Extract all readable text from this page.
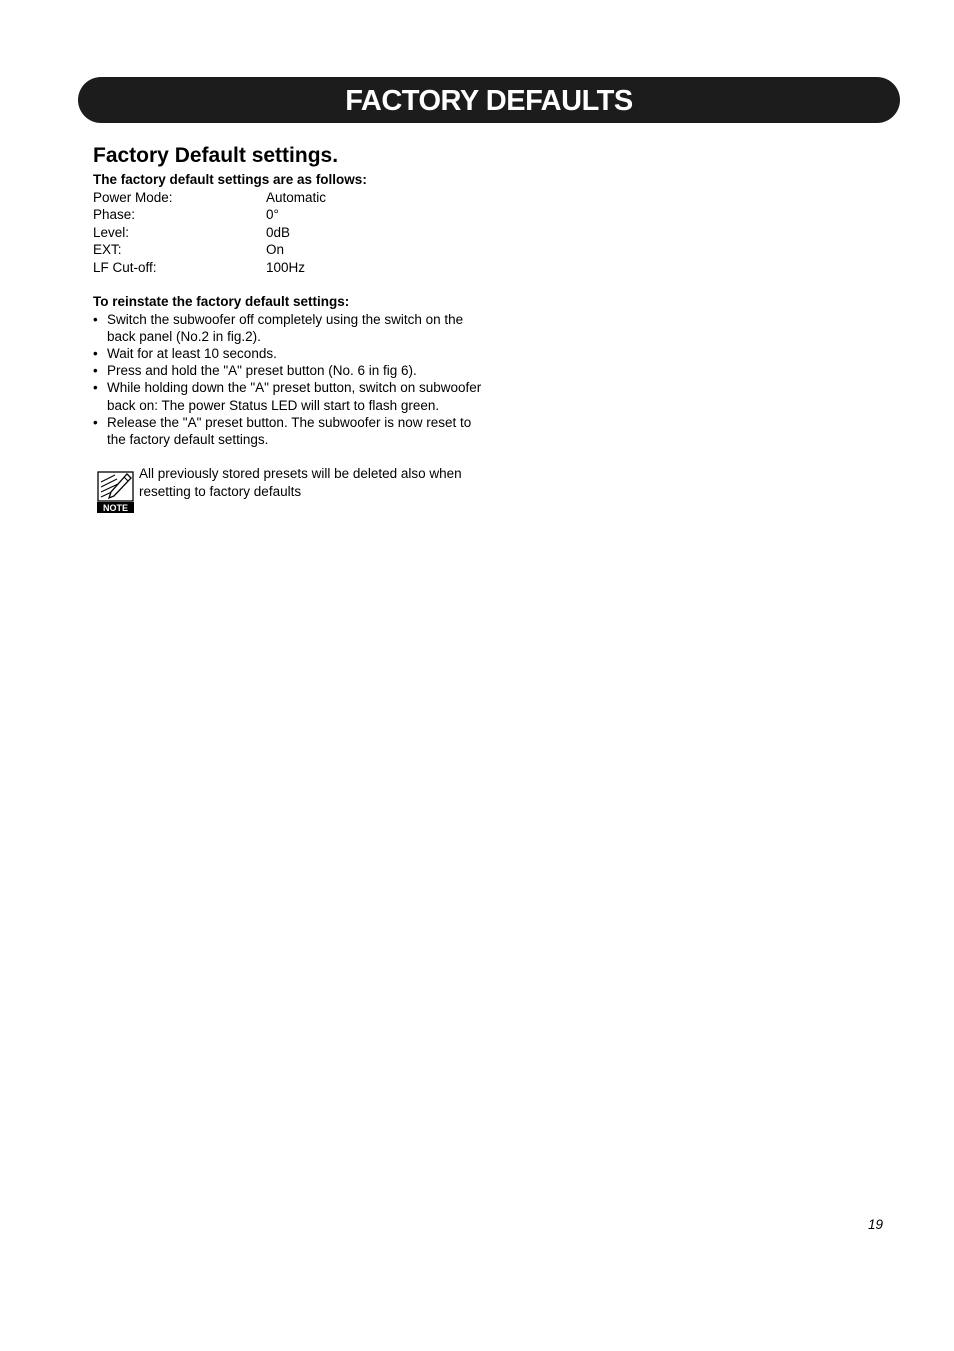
FACTORY DEFAULTS
Factory Default settings.
The factory default settings are as follows:
Power Mode:	Automatic
Phase:	0°
Level:	0dB
EXT:	On
LF Cut-off:	100Hz
To reinstate the factory default settings:
• Switch the subwoofer off completely using the switch on the back panel (No.2 in fig.2).
• Wait for at least 10 seconds.
• Press and hold the "A" preset button (No. 6 in fig 6).
• While holding down the "A" preset button, switch on subwoofer back on: The power Status LED will start to flash green.
• Release the "A" preset button. The subwoofer is now reset to the factory default settings.
NOTE
All previously stored presets will be deleted also when resetting to factory defaults
19
